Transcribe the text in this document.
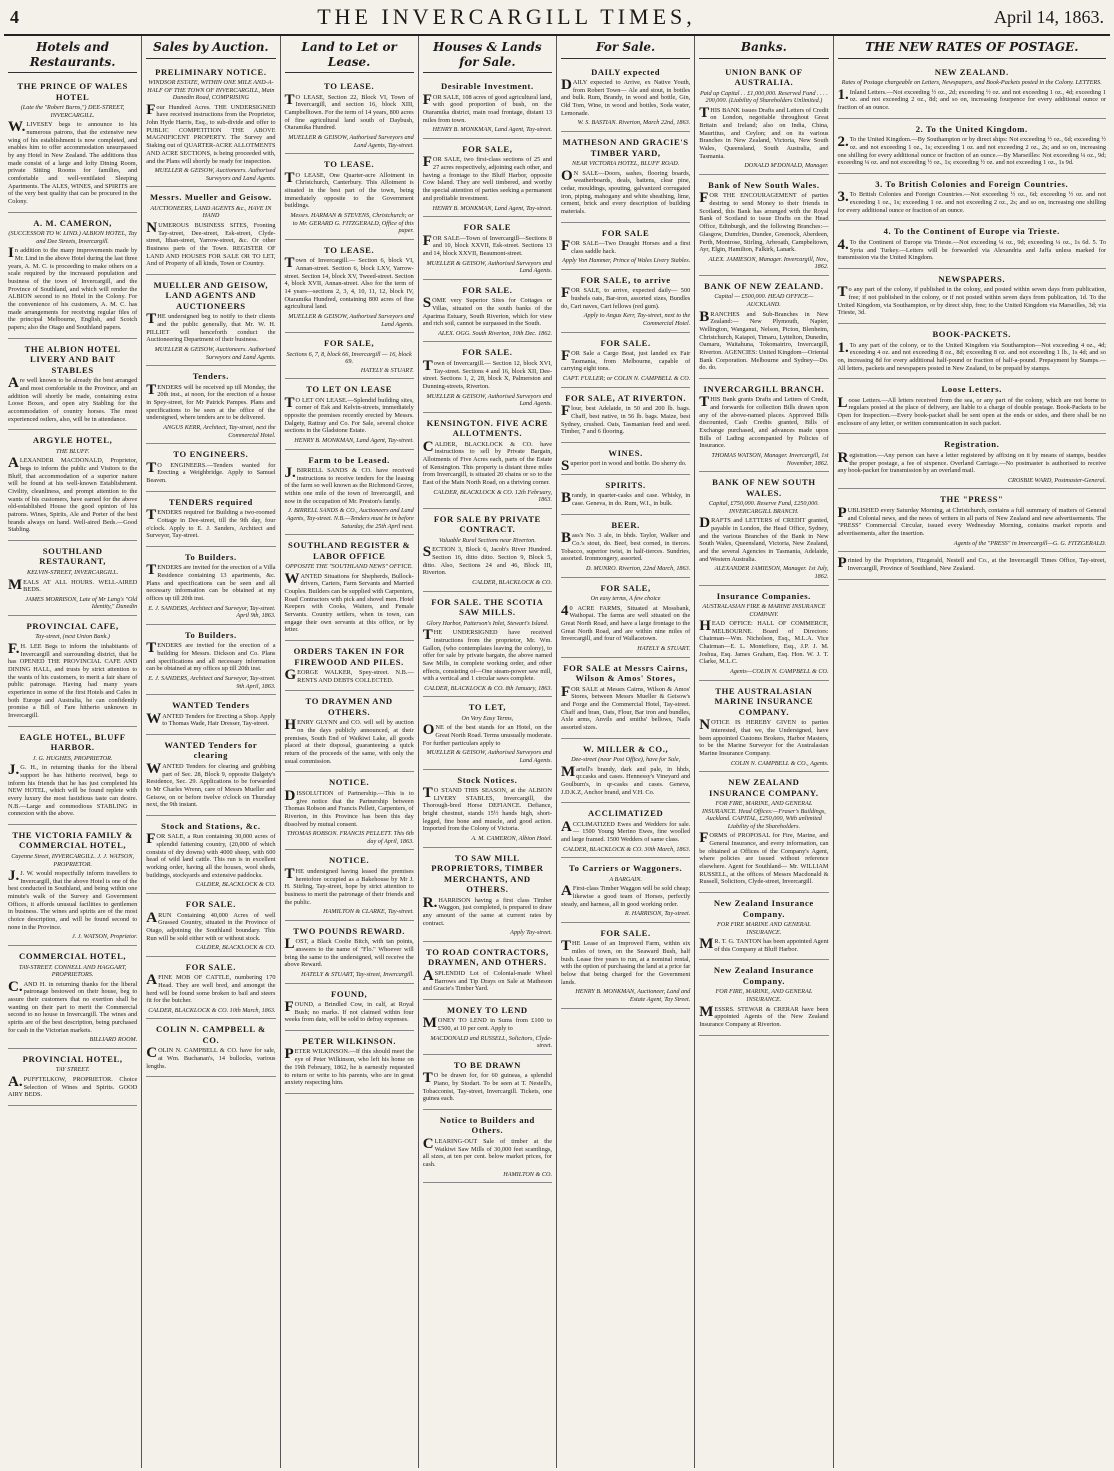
4	THE INVERCARGILL TIMES,	April 14, 1863.
Hotels and Restaurants.
THE PRINCE OF WALES HOTEL
(Late the "Robert Burns,") DEE-STREET, INVERCARGILL.
W.LIVESEY begs to announce to his numerous patrons, that the extensive new wing of his establishment is now completed, and enables him to offer accommodation unsurpassed by any Hotel in New Zealand. The additions thus made consist of a large and lofty Dining Room, private Sitting Rooms for families, and comfortable and well-ventilated Sleeping Apartments. The ALES, WINES, and SPIRITS are of the very best quality that can be procured in the Colony.
A. M. CAMERON,
(SUCCESSOR TO W. LIND.) ALBION HOTEL, Tay and Dee Streets, Invercargill.
In addition to the many improvements made by Mr. Lind in the above Hotel during the last three years, A. M. C. is proceeding to make others on a scale required by the increased population and business of the town of Invercargill, and the Province of Southland, and which will render the ALBION second to no Hotel in the Colony. For the convenience of his customers, A. M. C. has made arrangements for receiving regular files of the principal Melbourne, English, and Scotch papers; also the Otago and Southland papers.
THE ALBION HOTEL LIVERY AND BAIT STABLES
Are well known to be already the best arranged and most comfortable in the Province, and an addition will shortly be made, containing extra Loose Boxes, and open airy Stabling for the accommodation of country horses. The most experienced ostlers, also, will be in attendance.
ARGYLE HOTEL,
THE BLUFF.
ALEXANDER MACDONALD, Proprietor, begs to inform the public and Visitors to the Bluff, that accommodation of a superior nature will be found at his well-known Establishment. Civility, cleanliness, and prompt attention to the wants of his customers, have earned for the above old-established House the good opinion of his patrons. Wines, Spirits, Ale and Porter of the best brands always on hand. Well-aired Beds.—Good Stabling.
SOUTHLAND RESTAURANT,
KELVIN-STREET, INVERCARGILL.
MEALS AT ALL HOURS. WELL-AIRED BEDS.
JAMES MORRISON, Late of Mr Lang's "Old Identity," Dunedin
PROVINCIAL CAFE,
Tay-street, (next Union Bank.)
F.H. LEE Begs to inform the inhabitants of Invercargill and surrounding district, that he has OPENED THE PROVINCIAL CAFE AND DINING HALL, and trusts by strict attention to the wants of his customers, to merit a fair share of public patronage. Having had many years experience in some of the first Hotels and Cafes in both Europe and Australia, he can confidently promise a Bill of Fare hitherto unknown in Invercargill.
EAGLE HOTEL, BLUFF HARBOR.
J. G. HUGHES, PROPRIETOR.
J.G. H., in returning thanks for the liberal support he has hitherto received, begs to inform his friends that he has just completed his NEW HOTEL, which will be found replete with every luxury the most fastidious taste can desire. N.B.—Large and commodious STABLING in connexion with the above.
THE VICTORIA FAMILY & COMMERCIAL HOTEL,
Cayenne Street, INVERCARGILL. J. J. WATSON, PROPRIETOR.
J.J. W. would respectfully inform travellers to Invercargill, that the above Hotel is one of the best conducted in Southland, and being within one minute's walk of the Survey and Government Offices, it affords unusual facilities to gentlemen in business. The wines and spirits are of the most choice description, and will be found second to none in the Province.
J. J. WATSON, Proprietor.
COMMERCIAL HOTEL,
TAY-STREET. CONNELL AND HAGGART, PROPRIETORS.
C.AND H. in returning thanks for the liberal patronage bestowed on their house, beg to assure their customers that no exertion shall be wanting on their part to merit the Commercial second to no house in Invercargill. The wines and spirits are of the best description, being purchased for cash in the Victorian markets.
BILLIARD ROOM.
PROVINCIAL HOTEL,
TAY STREET.
A.PUFFTELKOW, PROPRIETOR. Choice Selection of Wines and Spirits. GOOD AIRY BEDS.
Sales by Auction.
PRELIMINARY NOTICE.
WINDSOR ESTATE, WITHIN ONE MILE AND-A-HALF OF THE TOWN OF INVERCARGILL, Main Dunedin Road, COMPRISING
Four Hundred Acres. THE UNDERSIGNED have received instructions from the Proprietor, John Hyde Harris, Esq., to sub-divide and offer to PUBLIC COMPETITION THE ABOVE MAGNIFICENT PROPERTY. The Survey and Staking out of QUARTER-ACRE ALLOTMENTS AND ACRE SECTIONS, is being proceeded with, and the Plans will shortly be ready for inspection.
MUELLER & GEISOW, Auctioneers. Authorised Surveyors and Land Agents.
Messrs. Mueller and Geisow.
AUCTIONEERS, LAND AGENTS &c., HAVE IN HAND
NUMEROUS BUSINESS SITES, Fronting Tay-street, Dee-street, Esk-street, Clyde-street, Ithan-street, Yarrow-street, &c. Or other Business parts of the Town. REGISTER OF LAND AND HOUSES FOR SALE OR TO LET, And of Property of all kinds, Town or Country.
MUELLER AND GEISOW, LAND AGENTS AND AUCTIONEERS
THE undersigned beg to notify to their clients and the public generally, that Mr. W. H. PILLIET will henceforth conduct the Auctioneering Department of their business.
MUELLER & GEISOW, Auctioneers. Authorised Surveyors and Land Agents.
Tenders.
TENDERS will be received up till Monday, the 20th inst., at noon, for the erection of a house in Spey-street, for Mr Patrick Pampes. Plans and specifications to be seen at the office of the undersigned, where tenders are to be delivered.
ANGUS KERR, Architect, Tay-street, next the Commercial Hotel.
TO ENGINEERS.
TO ENGINEERS.—Tenders wanted for Erecting a Weighbridge. Apply to Samuel Beaven.
TENDERS required
TENDERS required for Building a two-roomed Cottage in Dee-street, till the 9th day, four o'clock. Apply to E. J. Sanders, Architect and Surveyor, Tay-street.
To Builders.
TENDERS are invited for the erection of a Villa Residence containing 13 apartments, &c. Plans and specifications can be seen and all necessary information can be obtained at my offices up till 20th inst.
E. J. SANDERS, Architect and Surveyor, Tay-street. April 9th, 1863.
To Builders.
TENDERS are invited for the erection of a building for Messrs. Dickson and Co. Plans and specifications and all necessary information can be obtained at my offices up till 20th inst.
E. J. SANDERS, Architect and Surveyor, Tay-street. 9th April, 1863.
WANTED Tenders
WANTED Tenders for Erecting a Shop. Apply to Thomas Wade, Hair Dresser, Tay-street.
WANTED Tenders for clearing
WANTED Tenders for clearing and grubbing part of Sec. 28, Block 9, opposite Dalgety's Residence, Sec. 29. Applications to be forwarded to Mr Charles Wrenn, care of Messrs Mueller and Geisow, on or before twelve o'clock on Thursday next, the 9th instant.
Stock and Stations, &c.
FOR SALE, a Run containing 30,000 acres of splendid fattening country, (20,000 of which consists of dry downs) with 4000 sheep, with 600 head of wild land cattle. This run is in excellent working order, having all the houses, wool sheds, buildings, stockyards and extensive paddocks.
CALDER, BLACKLOCK & CO.
FOR SALE.
ARUN Containing 40,000 Acres of well Grassed Country, situated in the Province of Otago, adjoining the Southland boundary. This Run will be sold either with or without stock.
CALDER, BLACKLOCK & CO.
FOR SALE.
AFINE MOB OF CATTLE, numbering 170 Head. They are well bred, and amongst the herd will be found some broken to bail and steers fit for the butcher.
CALDER, BLACKLOCK & CO. 10th March, 1863.
COLIN N. CAMPBELL & CO.
COLIN N. CAMPBELL & CO. have for sale, at Wm. Buchanan's, 14 bullocks, various lengths.
Land to Let or Lease.
TO LEASE.
TO LEASE, Section 22, Block VI, Town of Invercargill, and section 16, block XIII, Campbelltown. For the term of 14 years, 800 acres of fine agricultural land south of Daybush, Otaramika Hundred.
MUELLER & GEISOW, Authorised Surveyors and Land Agents, Tay-street.
TO LEASE.
TO LEASE, One Quarter-acre Allotment in Christchurch, Canterbury. This Allotment is situated in the best part of the town, being immediately opposite to the Government buildings.
Messrs. HARMAN & STEVENS, Christchurch; or to Mr. GERARD G. FITZGERALD, Office of this paper.
TO LEASE.
Town of Invercargill.— Section 6, block VI, Annan-street. Section 6, block LXV, Yarrow-street. Section 14, block XV, Tweed-street. Section 4, block XVII, Annan-street. Also for the term of 14 years—sections 2, 3, 4, 10, 11, 12, block IV, Otaramika Hundred, containing 800 acres of fine agricultural land.
MUELLER & GEISOW, Authorised Surveyors and Land Agents.
FOR SALE,
Sections 6, 7, 8, block 66, Invercargill — 16, block 69.
HATELY & STUART.
TO LET ON LEASE
TO LET ON LEASE.—Splendid building sites, corner of Esk and Kelvin-streets, immediately opposite the premises recently erected by Messrs. Dalgety, Rattray and Co. For Sale, several choice sections in the Gladstone Estate.
HENRY B. MONKMAN, Land Agent, Tay-street.
Farm to be Leased.
J.BIRRELL SANDS & CO. have received instructions to receive tenders for the leasing of the farm so well known as the Richmond Grove, within one mile of the town of Invercargill, and now in the occupation of Mr. Preston's family.
J. BIRRELL SANDS & CO., Auctioneers and Land Agents, Tay-street. N.B.—Tenders must be in before Saturday, the 25th April next.
SOUTHLAND REGISTER & LABOR OFFICE
OPPOSITE THE "SOUTHLAND NEWS" OFFICE.
WANTED Situations for Shepherds, Bullock-drivers, Carters, Farm Servants and Married Couples. Builders can be supplied with Carpenters, Road Contractors with pick and shovel men. Hotel Keepers with Cooks, Waiters, and Female Servants. Country settlers, when in town, can engage their own servants at this office, or by letter.
ORDERS TAKEN IN FOR FIREWOOD AND PILES.
GEORGE WALKER, Spey-street. N.B.—RENTS AND DEBTS COLLECTED.
TO DRAYMEN AND OTHERS.
HENRY GLYNN and CO. will sell by auction on the days publicly announced, at their premises, South End of Waikiwi Lake, all goods placed at their disposal, guaranteeing a quick return of the proceeds of the same, with only the usual commission.
NOTICE.
DISSOLUTION of Partnership.—This is to give notice that the Partnership between Thomas Robson and Francis Pellett, Carpenters, of Riverton, in this Province has been this day dissolved by mutual consent.
THOMAS ROBSON. FRANCIS PELLETT. This 6th day of April, 1863.
NOTICE.
THE undersigned having leased the premises heretofore occupied as a Bakehouse by Mr J. H. Stirling, Tay-street, hope by strict attention to business to merit the patronage of their friends and the public.
HAMILTON & CLARKE, Tay-street.
TWO POUNDS REWARD.
LOST, a Black Coolie Bitch, with tan points, answers to the name of "Flo." Whoever will bring the same to the undersigned, will receive the above Reward.
HATELY & STUART, Tay-street, Invercargill.
FOUND,
FOUND, a Brindled Cow, in calf, at Royal Bush; no marks. If not claimed within four weeks from date, will be sold to defray expenses.
PETER WILKINSON.
PETER WILKINSON.—If this should meet the eye of Peter Wilkinson, who left his home on the 19th February, 1862, he is earnestly requested to return or write to his parents, who are in great anxiety respecting him.
Houses & Lands for Sale.
Desirable Investment.
FOR SALE, 108 acres of good agricultural land, with good proportion of bush, on the Otaramika district, main road frontage, distant 13 miles from town.
HENRY B. MONKMAN, Land Agent, Tay-street.
FOR SALE,
FOR SALE, two first-class sections of 25 and 27 acres respectively, adjoining each other, and having a frontage to the Bluff Harbor, opposite Cow Island. They are well timbered, and worthy the special attention of parties seeking a permanent and profitable investment.
HENRY B. MONKMAN, Land Agent, Tay-street.
FOR SALE
FOR SALE—Town of Invercargill—Sections 8 and 10, block XXVII, Esk-street. Sections 13 and 14, block XXVII, Beaumont-street.
MUELLER & GEISOW, Authorised Surveyors and Land Agents.
FOR SALE.
SOME very Superior Sites for Cottages or Villas, situated on the south banks of the Aparima Estuary, South Riverton, which for view and rich soil, cannot be surpassed in the South.
ALEX. OGG. South Riverton, 10th Dec. 1862.
FOR SALE.
Town of Invercargill.— Section 12, block XVI, Tay-street. Sections 4 and 16, block XII, Dee-street. Sections 1, 2, 28, block X, Palmerston and Dunning-streets, Riverton.
MUELLER & GEISOW, Authorised Surveyors and Land Agents.
KENSINGTON. FIVE ACRE ALLOTMENTS.
CALDER, BLACKLOCK & CO. have instructions to sell by Private Bargain, Allotments of Five Acres each, parts of the Estate of Kensington. This property is distant three miles from Invercargill, is situated 20 chains or so to the East of the Main North Road, on a thriving corner.
CALDER, BLACKLOCK & CO. 12th February, 1863.
FOR SALE BY PRIVATE CONTRACT.
Valuable Rural Sections near Riverton.
SECTION 3, Block 6, Jacob's River Hundred. Section 16, ditto ditto. Section 9, Block 5, ditto. Also, Sections 24 and 46, Block III, Riverton.
CALDER, BLACKLOCK & CO.
FOR SALE. THE SCOTIA SAW MILLS.
Glory Harbor, Patterson's Inlet, Stewart's Island.
THE UNDERSIGNED have received instructions from the proprietor, Mr. Wm. Gallon, (who contemplates leaving the colony), to offer for sale by private bargain, the above named Saw Mills, in complete working order, and other effects, consisting of—One steam-power saw mill, with a vertical and 1 circular saws complete.
CALDER, BLACKLOCK & CO. 8th January, 1863.
TO LET,
On Very Easy Terms,
ONE of the best stands for an Hotel, on the Great North Road. Terms unusually moderate. For further particulars apply to
MUELLER & GEISOW, Authorised Surveyors and Land Agents.
Stock Notices.
TO STAND THIS SEASON, at the ALBION LIVERY STABLES, Invercargill, the Thorough-bred Horse DEFIANCE. Defiance, bright chestnut, stands 15½ hands high, short-legged, fine bone and muscle, and good action. Imported from the Colony of Victoria.
A. M. CAMERON, Albion Hotel.
TO SAW MILL PROPRIETORS, TIMBER MERCHANTS, AND OTHERS.
R.HARRISON having a first class Timber Waggon, just completed, is prepared to draw any amount of the same at current rates by contract.
Apply Tay-street.
TO ROAD CONTRACTORS, DRAYMEN, AND OTHERS.
ASPLENDID Lot of Colonial-made Wheel Barrows and Tip Drays on Sale at Matheson and Gracie's Timber Yard.
MONEY TO LEND
MONEY TO LEND in Sums from £100 to £500, at 10 per cent. Apply to
MACDONALD and RUSSELL, Solicitors, Clyde-street.
TO BE DRAWN
TO be drawn for, for 60 guineas, a splendid Piano, by Stodart. To be seen at T. Nestell's, Tobacconist, Tay-street, Invercargill. Tickets, one guinea each.
Notice to Builders and Others.
CLEARING-OUT Sale of timber at the Waikiwi Saw Mills of 30,000 feet scantlings, all sizes, at ten per cent. below market prices, for cash.
HAMILTON & CO.
For Sale.
DAILY expected
DAILY expected to Arrive, ex Native Youth, from Robert Town— Ale and stout, in bottles and bulk. Rum, Brandy, in wood and bottle, Gin, Old Tom, Wine, in wood and bottles, Soda water, Lemonade.
W. S. BASTIAN. Riverton, March 22nd, 1863.
MATHESON AND GRACIE'S TIMBER YARD,
NEAR VICTORIA HOTEL, BLUFF ROAD.
ON SALE—Doors, sashes, flooring boards, weatherboards, deals, battens, clear pine, cedar, mouldings, spouting, galvanized corrugated iron, piping, mahogany and white sheathing, lime, cement, brick and every description of building materials.
FOR SALE
FOR SALE—Two Draught Horses and a first class saddle hack.
Apply Von Hammer, Prince of Wales Livery Stables.
FOR SALE, to arrive
FOR SALE, to arrive, expected daily— 500 bushels oats, Bar-iron, assorted sizes, Bundles do, Cart naves, Cart fellows (red gum).
Apply to Angus Kerr, Tay-street, next to the Commercial Hotel.
FOR SALE.
FOR Sale a Cargo Boat, just landed ex Fair Tasmania, from Melbourne, capable of carrying eight tons.
CAPT. FULLER; or COLIN N. CAMPBELL & CO.
FOR SALE, AT RIVERTON.
Flour, best Adelaide, in 50 and 200 lb. bags. Chaff, best native, in 56 lb. bags. Maize, best Sydney, crushed. Oats, Tasmanian feed and seed. Timber, 7 and 6 flooring.
WINES.
Superior port in wood and bottle. Do sherry do.
SPIRITS.
Brandy, in quarter-casks and case. Whisky, in case. Geneva, in do. Rum, W.I., in bulk.
BEER.
Bass's No. 3 ale, in bhds. Taylor, Walker and Co.'s stout, do. Beef, best corned, in tierces. Tobacco, superior twist, in half-tierces. Sundries, assorted. Ironmongery, assorted.
D. MUNRO. Riverton, 22nd March, 1863.
FOR SALE,
On easy terms, A few choice
40 ACRE FARMS, Situated at Mossbank, Waihopai. The farms are well situated on the Great North Road, and have a large frontage to the Great North Road, and are within nine miles of Invercargill, and four of Wallacetown.
HATELY & STUART.
FOR SALE at Messrs Cairns, Wilson & Amos' Stores,
FOR SALE at Messrs Cairns, Wilson & Amos' Stores, between Messrs Mueller & Geisow's and Forge and the Commercial Hotel, Tay-street. Chaff and bran, Oats, Flour, Bar iron and bundles, Axle arms, Anvils and smiths' bellows, Nails assorted sizes.
W. MILLER & CO.,
Dee-street (near Post Office), have for Sale,
Martell's brandy, dark and pale, in hhds, qr.casks and cases. Hennessy's Vineyard and Goulburn's, in qr-casks and cases. Geneva, J.D.K.Z, Anchor brand, and V.H. Co.
ACCLIMATIZED
ACCLIMATIZED Ewes and Wedders for sale.— 1500 Young Merino Ewes, fine woolled and large framed. 1500 Wedders of same class.
CALDER, BLACKLOCK & CO. 30th March, 1863.
To Carriers or Waggoners.
A BARGAIN.
AFirst-class Timber Waggon will be sold cheap; likewise a good team of Horses, perfectly steady, and harness, all in good working order.
R. HARRISON, Tay-street.
FOR SALE.
THE Lease of an Improved Farm, within six miles of town, on the Seaward Bush, half bush. Lease five years to run, at a nominal rental, with the option of purchasing the land at a price far below that being charged for the Government lands.
HENRY B. MONKMAN, Auctioneer, Land and Estate Agent, Tay Street.
Banks.
UNION BANK OF AUSTRALIA.
Paid up Capital . . £1,000,000. Reserved Fund . . . . 200,000. (Liability of Shareholders Unlimited.)
THIS BANK issues Drafts and Letters of Credit on London, negotiable throughout Great Britain and Ireland; also on India, China, Mauritius, and Ceylon; and on its various Branches in New Zealand, Victoria, New South Wales, Queensland, South Australia, and Tasmania.
DONALD M'DONALD, Manager.
Bank of New South Wales.
FOR THE ENCOURAGEMENT of parties desiring to send Money to their friends in Scotland, this Bank has arranged with the Royal Bank of Scotland to issue Drafts on the Head Office, Edinburgh, and the following Branches:— Glasgow, Dumfries, Dundee, Greenock, Aberdeen, Perth, Montrose, Stirling, Arbroath, Campbeltown, Ayr, Elgin, Hamilton, Falkirk, Lanark.
ALEX. JAMIESON, Manager. Invercargill, Nov., 1862.
BANK OF NEW ZEALAND.
Capital — £500,000. HEAD OFFICE—AUCKLAND.
BRANCHES and Sub-Branches in New Zealand:— New Plymouth, Napier, Wellington, Wanganui, Nelson, Picton, Blenheim, Christchurch, Kaiapoi, Timaru, Lyttelton, Dunedin, Oamaru, Waitahuna, Tokomairiro, Invercargill, Riverton. AGENCIES: United Kingdom—Oriental Bank Corporation. Melbourne and Sydney—Do. do. do.
INVERCARGILL BRANCH.
THIS Bank grants Drafts and Letters of Credit, and forwards for collection Bills drawn upon any of the above-named places. Approved Bills discounted, Cash Credits granted, Bills of Exchange purchased, and advances made upon Bills of Lading accompanied by Policies of Insurance.
THOMAS WATSON, Manager. Invercargill, 1st November, 1862.
BANK OF NEW SOUTH WALES.
Capital, £750,000. Reserve Fund, £250,000. INVERCARGILL BRANCH.
DRAFTS and LETTERS of CREDIT granted, payable in London, the Head Office, Sydney, and the various Branches of the Bank in New South Wales, Queensland, Victoria, New Zealand, and the several Agencies in Tasmania, Adelaide, and Western Australia.
ALEXANDER JAMIESON, Manager. 1st July, 1862.
Insurance Companies.
AUSTRALASIAN FIRE & MARINE INSURANCE COMPANY.
HEAD OFFICE: HALL OF COMMERCE, MELBOURNE. Board of Directors: Chairman—Wm. Nicholson, Esq., M.L.A. Vice Chairman—E. L. Montefiore, Esq., J.P. J. M. Joshua, Esq. James Graham, Esq. Hon. W. J. T. Clarke, M.L.C.
Agents—COLIN N. CAMPBELL & CO.
THE AUSTRALASIAN MARINE INSURANCE COMPANY.
NOTICE IS HEREBY GIVEN to parties interested, that we, the Undersigned, have been appointed Customs Brokers, Harbor Masters, to be the Marine Surveyor for the Australasian Marine Insurance Company.
COLIN N. CAMPBELL & CO., Agents.
NEW ZEALAND INSURANCE COMPANY.
FOR FIRE, MARINE, AND GENERAL INSURANCE. Head Offices:—Fraser's Buildings, Auckland. CAPITAL, £250,000, With unlimited Liability of the Shareholders.
FORMS of PROPOSAL for Fire, Marine, and General Insurance, and every information, can be obtained at Offices of the Company's Agent, where policies are issued without reference elsewhere. Agent for Southland— Mr. WILLIAM RUSSELL, at the offices of Messrs Macdonald & Russell, Solicitors, Clyde-street, Invercargill.
New Zealand Insurance Company.
FOR FIRE MARINE AND GENERAL INSURANCE.
MR. T. G. TANTON has been appointed Agent of this Company at Bluff Harbor.
New Zealand Insurance Company.
FOR FIRE, MARINE, AND GENERAL INSURANCE.
MESSRS. STEWAR & CRERAR have been appointed Agents of the New Zealand Insurance Company at Riverton.
THE NEW RATES OF POSTAGE.
NEW ZEALAND.
Rates of Postage chargeable on Letters, Newspapers, and Book-Packets posted in the Colony. LETTERS.
1.Inland Letters.—Not exceeding ½ oz., 2d; exceeding ½ oz. and not exceeding 1 oz., 4d; exceeding 1 oz. and not exceeding 2 oz., 8d; and so on, increasing fourpence for every additional ounce or fraction of an ounce.
2. To the United Kingdom.
2.To the United Kingdom.—By Southampton or by direct ships: Not exceeding ½ oz., 6d; exceeding ½ oz. and not exceeding 1 oz., 1s; exceeding 1 oz. and not exceeding 2 oz., 2s; and so on, increasing one shilling for every additional ounce or fraction of an ounce.—By Marseilles: Not exceeding ¼ oz., 9d; exceeding ¼ oz. and not exceeding ½ oz., 1s; exceeding ½ oz. and not exceeding 1 oz., 1s 9d.
3. To British Colonies and Foreign Countries.
3.To British Colonies and Foreign Countries.—Not exceeding ½ oz., 6d; exceeding ½ oz. and not exceeding 1 oz., 1s; exceeding 1 oz. and not exceeding 2 oz., 2s; and so on, increasing one shilling for every additional ounce or fraction of an ounce.
4. To the Continent of Europe via Trieste.
4.To the Continent of Europe via Trieste.—Not exceeding ¼ oz., 9d; exceeding ¼ oz., 1s 6d. 5. To Syria and Turkey.—Letters will be forwarded via Alexandria and Jaffa unless marked for transmission via the United Kingdom.
NEWSPAPERS.
To any part of the colony, if published in the colony, and posted within seven days from publication, free; if not published in the colony, or if not posted within seven days from publication, 1d. To the United Kingdom, via Southampton, or by direct ship, free; to the United Kingdom via Marseilles, 3d; via Trieste, 3d.
BOOK-PACKETS.
1.To any part of the colony, or to the United Kingdom via Southampton—Not exceeding 4 oz., 4d; exceeding 4 oz. and not exceeding 8 oz., 8d; exceeding 8 oz. and not exceeding 1 lb., 1s 4d; and so on, increasing 8d for every additional half-pound or fraction of half-a-pound. Prepayment by Stamps.—All letters, packets and newspapers posted in New Zealand, to be prepaid by stamps.
Loose Letters.
Loose Letters.—All letters received from the sea, or any part of the colony, which are not borne to regulars posted at the place of delivery, are liable to a charge of double postage. Book-Packets to be Open for Inspection.—Every book-packet shall be sent open at the ends or sides, and there shall be no enclosure of any letter, or written communication in such packet.
Registration.
Registration.—Any person can have a letter registered by affixing on it by means of stamps, besides the proper postage, a fee of sixpence. Overland Carriage.—No postmaster is authorised to receive any book-packet for transmission by an overland mail.
CROSBIE WARD, Postmaster-General.
THE "PRESS"
PUBLISHED every Saturday Morning, at Christchurch, contains a full summary of matters of General and Colonial news, and the news of writers in all parts of New Zealand and new advertisements. The "PRESS" Commercial Circular, issued every Wednesday Morning, contains market reports and advertisements, after the insertion.
Agents of the "PRESS" in Invercargill—G. G. FITZGERALD.
Printed by the Proprietors, Fitzgerald, Nestell and Co., at the Invercargill Times Office, Tay-street, Invercargill, Province of Southland, New Zealand.
